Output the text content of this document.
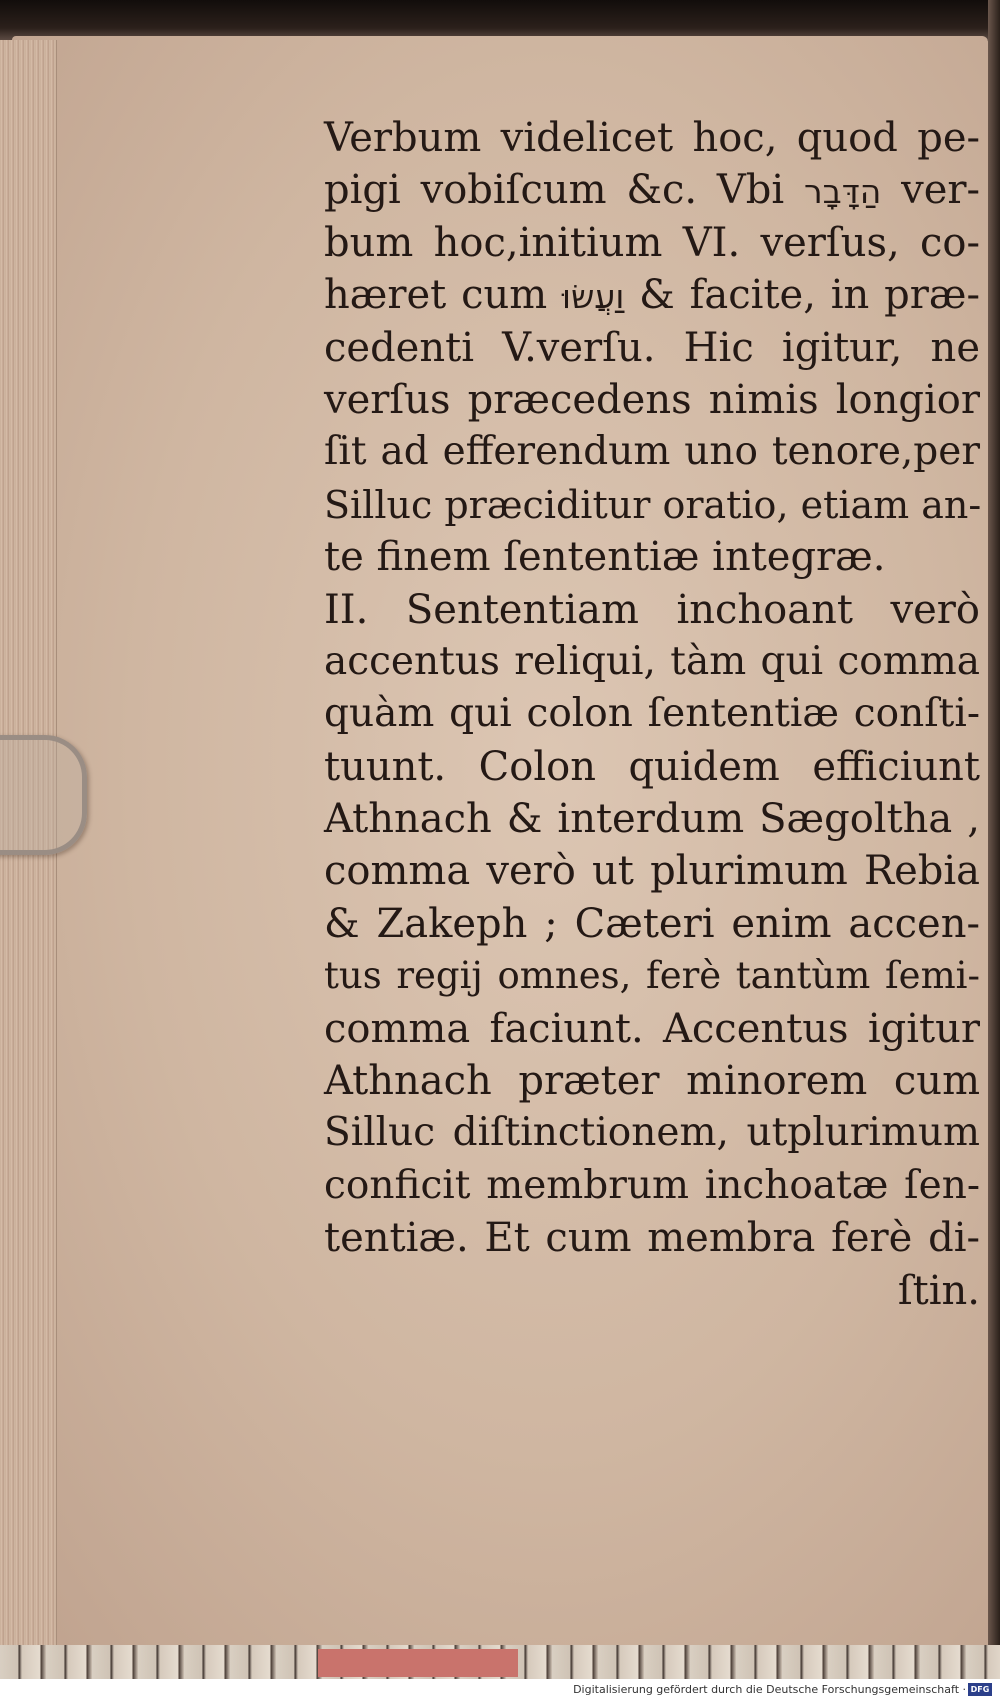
Verbum videlicet hoc, quod pe-
pigi vobiſcum &c. Vbi הַדָּבָר ver-
bum hoc,initium VI. verſus, co-
hæret cum וַעֲשׂוּ & facite, in præ-
cedenti V.verſu. Hic igitur, ne
verſus præcedens nimis longior
ſit ad efferendum uno tenore,per
Silluc præciditur oratio, etiam an-
te finem ſententiæ integræ.
II. Sententiam inchoant verò
accentus reliqui, tàm qui comma
quàm qui colon ſententiæ conſti-
tuunt. Colon quidem efficiunt
Athnach & interdum Sægoltha ,
comma verò ut plurimum Rebia
& Zakeph ; Cæteri enim accen-
tus regij omnes, ferè tantùm ſemi-
comma faciunt. Accentus igitur
Athnach præter minorem cum
Silluc diſtinctionem, utplurimum
conficit membrum inchoatæ ſen-
tentiæ. Et cum membra ferè di-
ſtin.
Digitalisierung gefördert durch die Deutsche Forschungsgemeinschaft · DFG
